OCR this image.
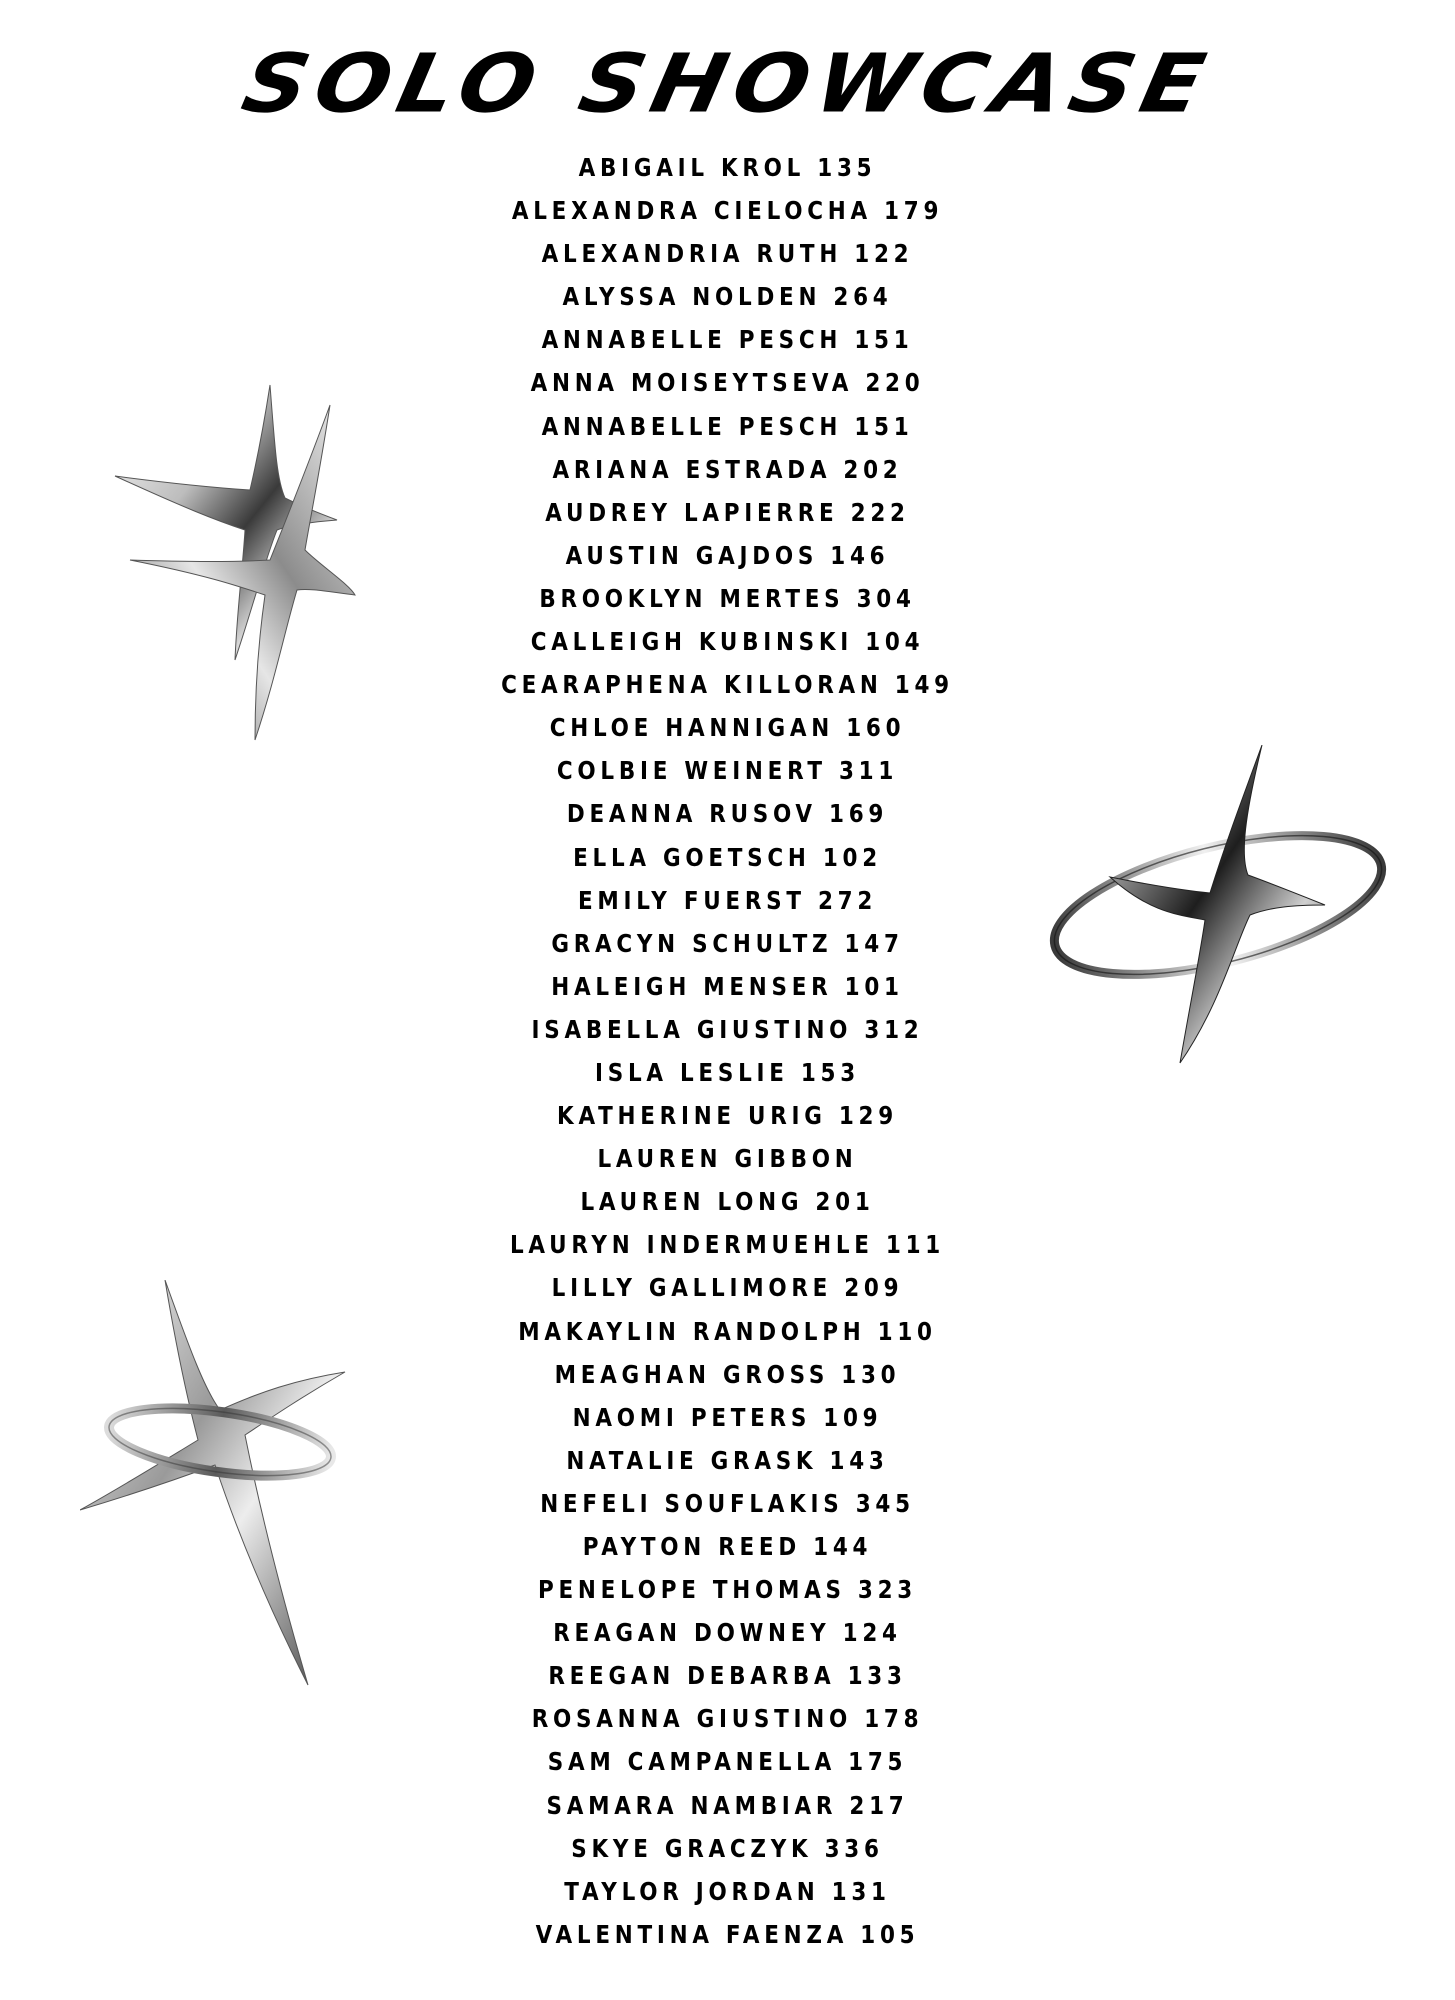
SOLO SHOWCASE
ABIGAIL KROL 135
ALEXANDRA CIELOCHA 179
ALEXANDRIA RUTH 122
ALYSSA NOLDEN 264
ANNABELLE PESCH 151
ANNA MOISEYTSEVA 220
ANNABELLE PESCH 151
ARIANA ESTRADA 202
AUDREY LAPIERRE 222
AUSTIN GAJDOS 146
BROOKLYN MERTES 304
CALLEIGH KUBINSKI 104
CEARAPHENA KILLORAN 149
CHLOE HANNIGAN 160
COLBIE WEINERT 311
DEANNA RUSOV 169
ELLA GOETSCH 102
EMILY FUERST 272
GRACYN SCHULTZ 147
HALEIGH MENSER 101
ISABELLA GIUSTINO 312
ISLA LESLIE 153
KATHERINE URIG 129
LAUREN GIBBON
LAUREN LONG 201
LAURYN INDERMUEHLE 111
LILLY GALLIMORE 209
MAKAYLIN RANDOLPH 110
MEAGHAN GROSS 130
NAOMI PETERS 109
NATALIE GRASK 143
NEFELI SOUFLAKIS 345
PAYTON REED 144
PENELOPE THOMAS 323
REAGAN DOWNEY 124
REEGAN DEBARBA 133
ROSANNA GIUSTINO 178
SAM CAMPANELLA 175
SAMARA NAMBIAR 217
SKYE GRACZYK 336
TAYLOR JORDAN 131
VALENTINA FAENZA 105
